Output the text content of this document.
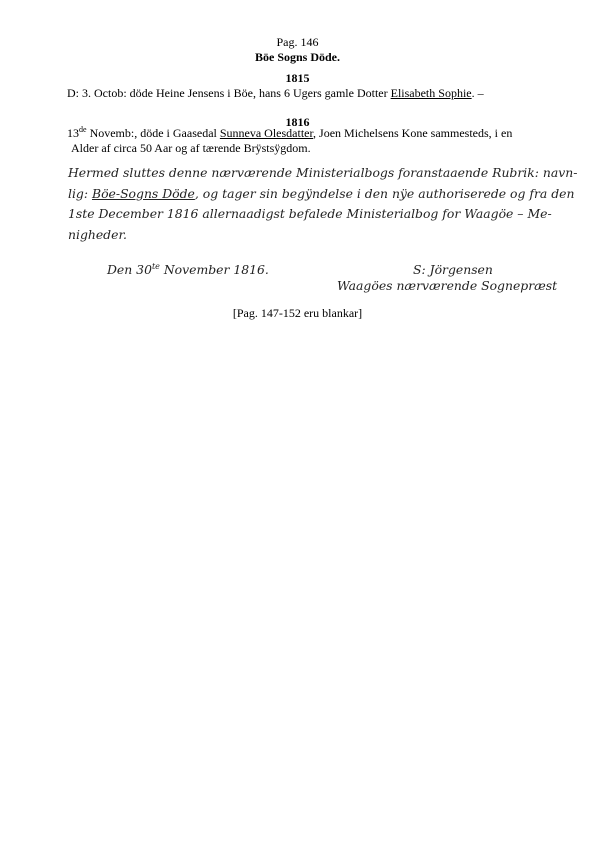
Pag. 146
Böe Sogns Döde.
1815
D: 3. Octob: döde Heine Jensens i Böe, hans 6 Ugers gamle Dotter Elisabeth Sophie. –
1816
13de Novemb:, döde i Gaasedal Sunneva Olesdatter, Joen Michelsens Kone sammesteds, i en
Alder af circa 50 Aar og af tærende Brÿstsÿgdom.
Hermed sluttes denne nærværende Ministerialbogs foranstaaende Rubrik: navn-
lig: Böe-Sogns Döde, og tager sin begÿndelse i den nÿe authoriserede og fra den
1ste December 1816 allernaadigst befalede Ministerialbog for Waagöe – Me-
nigheder.
Den $30^{te}$ November 1816.	S: Jörgensen
Waagöes nærværende Sognepræst
[Pag. 147-152 eru blankar]
